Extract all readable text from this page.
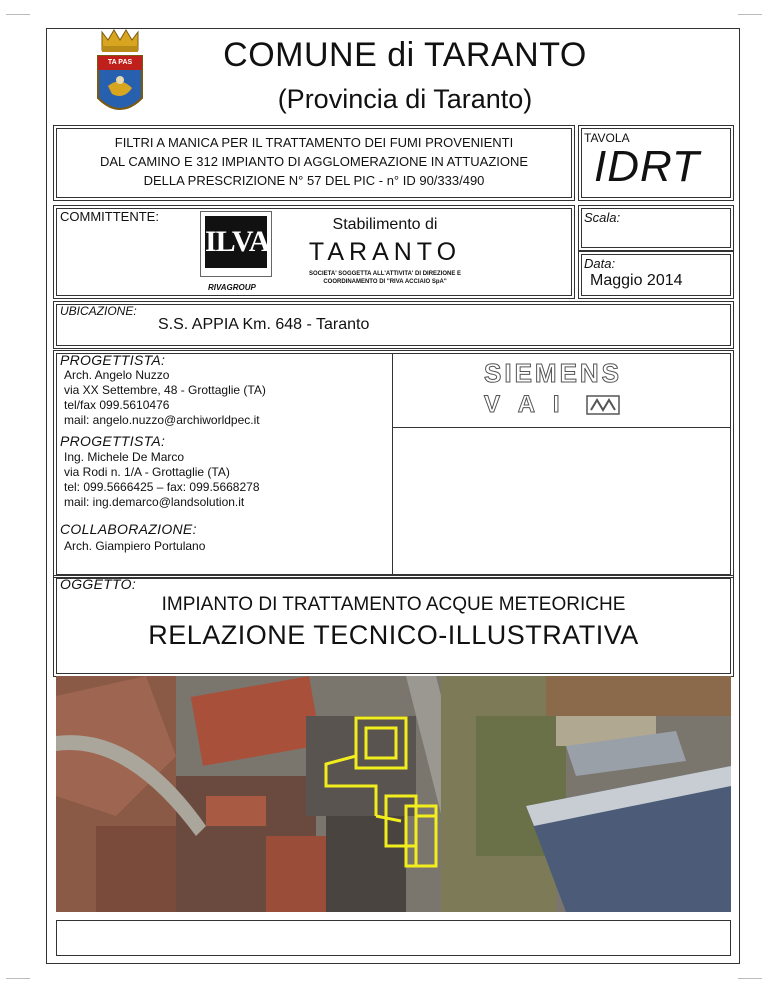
TA PAS	COMUNE di TARANTO
(Provincia di Taranto)
FILTRI A MANICA PER IL TRATTAMENTO DEI FUMI PROVENIENTI
DAL CAMINO E 312 IMPIANTO DI AGGLOMERAZIONE IN ATTUAZIONE
DELLA PRESCRIZIONE N° 57 DEL PIC - n° ID 90/333/490
TAVOLA
IDRT
COMMITTENTE:
ILVA
RIVAGROUP
Stabilimento di
TARANTO
SOCIETA' SOGGETTA ALL'ATTIVITA' DI DIREZIONE E
COORDINAMENTO DI "RIVA ACCIAIO SpA"
Scala:
Data:
Maggio 2014
UBICAZIONE:
S.S. APPIA Km. 648 - Taranto
PROGETTISTA:
Arch. Angelo Nuzzo
via XX Settembre, 48 - Grottaglie (TA)
tel/fax 099.5610476
mail: angelo.nuzzo@archiworldpec.it
PROGETTISTA:
Ing. Michele De Marco
via Rodi n. 1/A - Grottaglie (TA)
tel: 099.5666425 – fax: 099.5668278
mail: ing.demarco@landsolution.it
COLLABORAZIONE:
Arch. Giampiero Portulano
SIEMENS
V A I
OGGETTO:
IMPIANTO DI TRATTAMENTO ACQUE METEORICHE
RELAZIONE TECNICO-ILLUSTRATIVA
